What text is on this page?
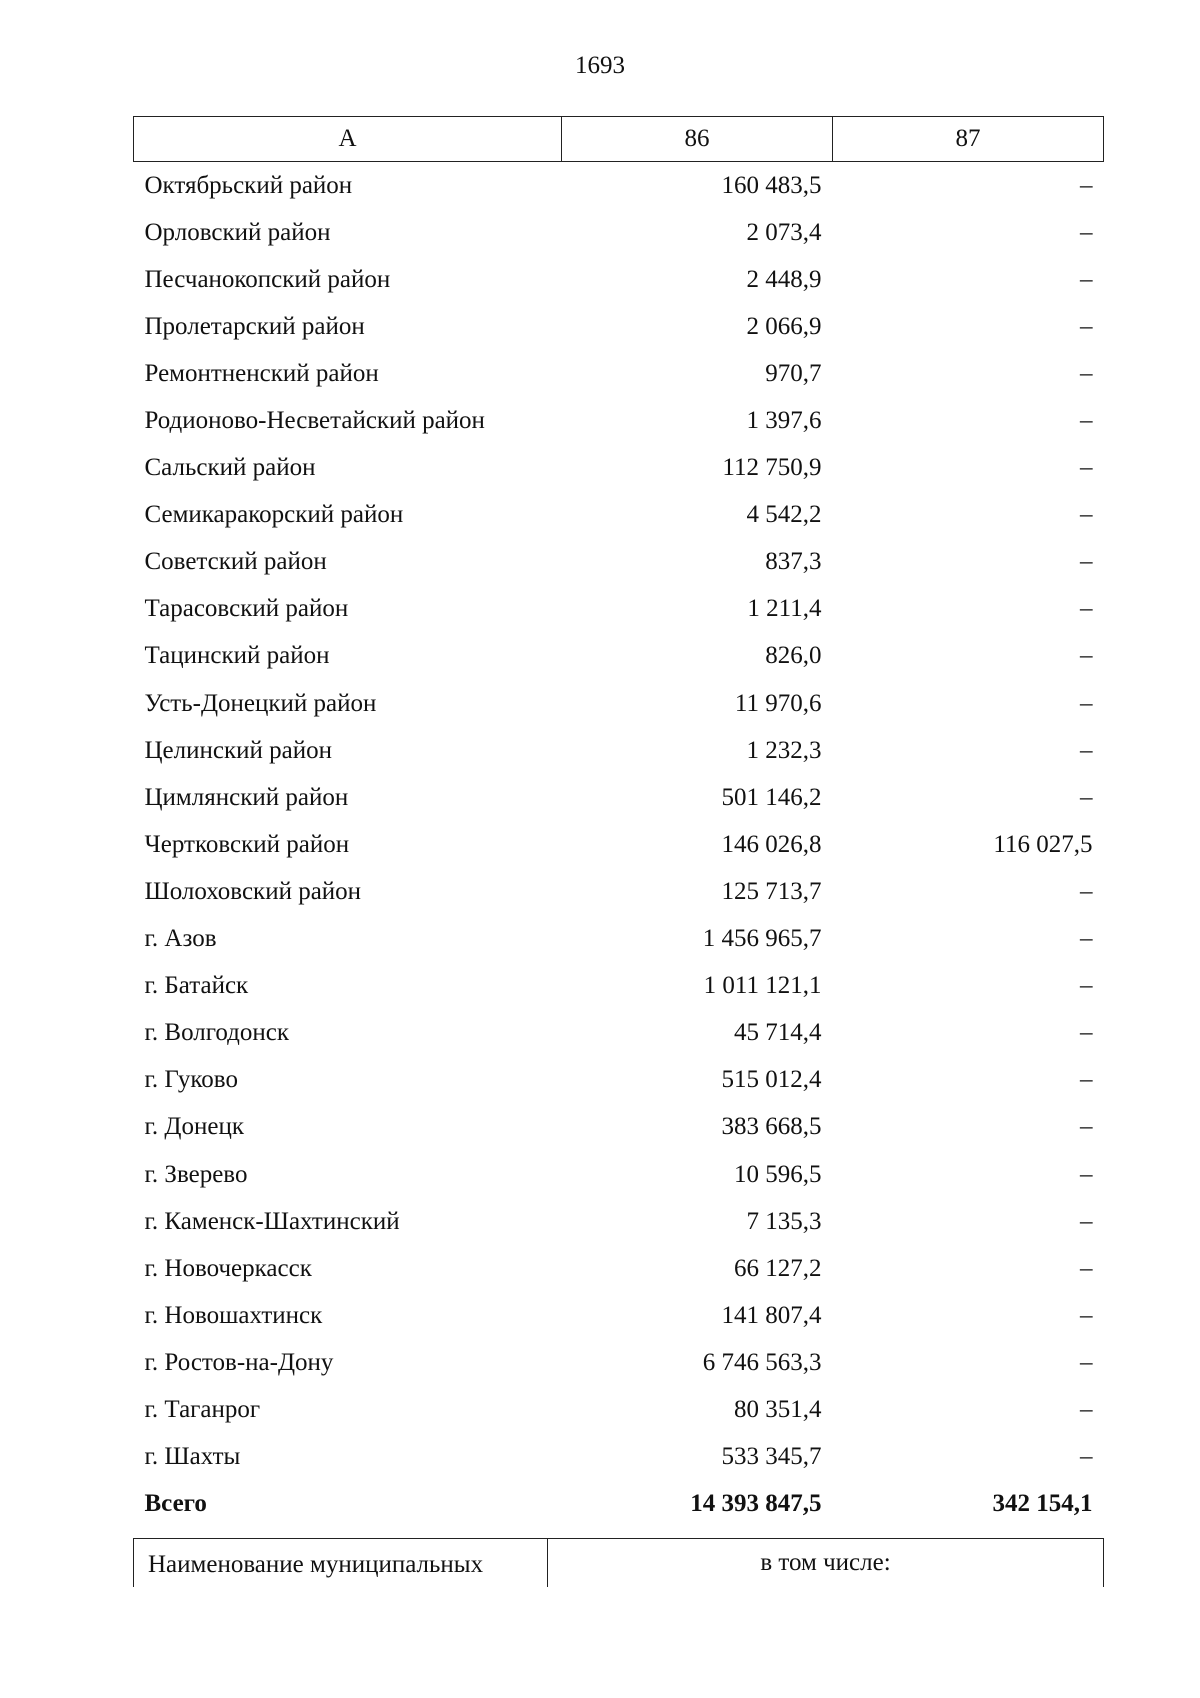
1693
А	86	87
Октябрьский район	160 483,5	–
Орловский район	2 073,4	–
Песчанокопский район	2 448,9	–
Пролетарский район	2 066,9	–
Ремонтненский район	970,7	–
Родионово-Несветайский район	1 397,6	–
Сальский район	112 750,9	–
Семикаракорский район	4 542,2	–
Советский район	837,3	–
Тарасовский район	1 211,4	–
Тацинский район	826,0	–
Усть-Донецкий район	11 970,6	–
Целинский район	1 232,3	–
Цимлянский район	501 146,2	–
Чертковский район	146 026,8	116 027,5
Шолоховский район	125 713,7	–
г. Азов	1 456 965,7	–
г. Батайск	1 011 121,1	–
г. Волгодонск	45 714,4	–
г. Гуково	515 012,4	–
г. Донецк	383 668,5	–
г. Зверево	10 596,5	–
г. Каменск-Шахтинский	7 135,3	–
г. Новочеркасск	66 127,2	–
г. Новошахтинск	141 807,4	–
г. Ростов-на-Дону	6 746 563,3	–
г. Таганрог	80 351,4	–
г. Шахты	533 345,7	–
Всего	14 393 847,5	342 154,1
Наименование муниципальных	в том числе:
